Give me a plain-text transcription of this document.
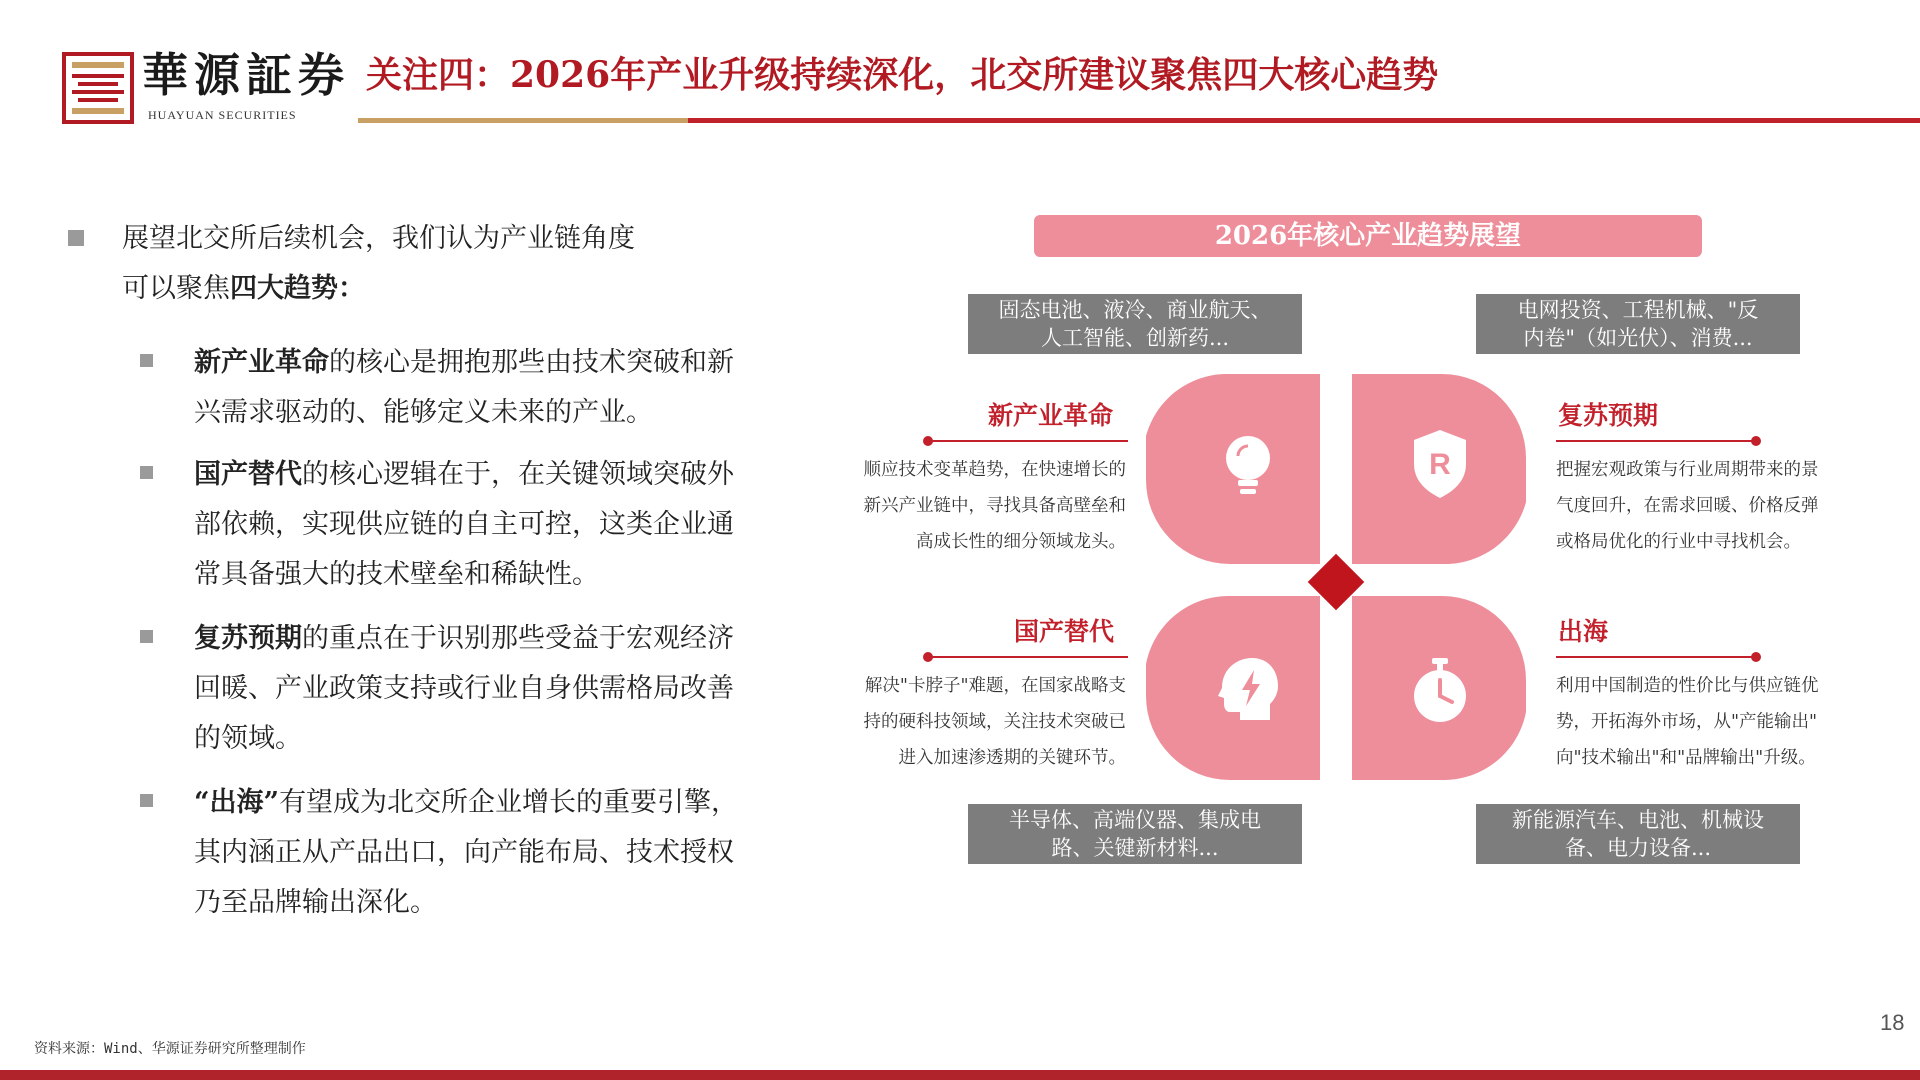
華源証券
HUAYUAN SECURITIES
关注四：2026年产业升级持续深化，北交所建议聚焦四大核心趋势
展望北交所后续机会，我们认为产业链角度
可以聚焦四大趋势：
新产业革命的核心是拥抱那些由技术突破和新
兴需求驱动的、能够定义未来的产业。
国产替代的核心逻辑在于，在关键领域突破外
部依赖，实现供应链的自主可控，这类企业通
常具备强大的技术壁垒和稀缺性。
复苏预期的重点在于识别那些受益于宏观经济
回暖、产业政策支持或行业自身供需格局改善
的领域。
“出海”有望成为北交所企业增长的重要引擎，
其内涵正从产品出口，向产能布局、技术授权
乃至品牌输出深化。
2026年核心产业趋势展望
固态电池、液冷、商业航天、
人工智能、创新药...
电网投资、工程机械、"反
内卷"（如光伏）、消费...
半导体、高端仪器、集成电
路、关键新材料...
新能源汽车、电池、机械设
备、电力设备...
R
新产业革命
顺应技术变革趋势，在快速增长的
新兴产业链中，寻找具备高壁垒和
高成长性的细分领域龙头。
复苏预期
把握宏观政策与行业周期带来的景
气度回升，在需求回暖、价格反弹
或格局优化的行业中寻找机会。
国产替代
解决"卡脖子"难题，在国家战略支
持的硬科技领域，关注技术突破已
进入加速渗透期的关键环节。
出海
利用中国制造的性价比与供应链优
势，开拓海外市场，从"产能输出"
向"技术输出"和"品牌输出"升级。
资料来源：Wind、华源证券研究所整理制作
18
